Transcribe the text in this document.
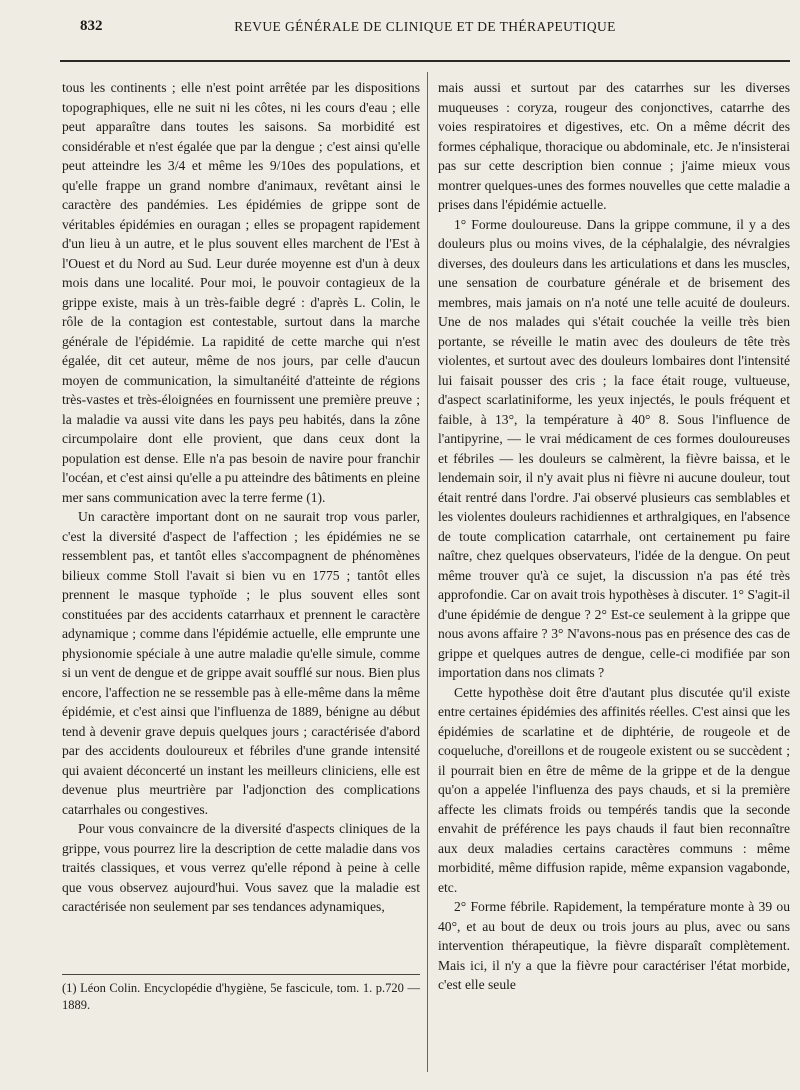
832	REVUE GÉNÉRALE DE CLINIQUE ET DE THÉRAPEUTIQUE

tous les continents ; elle n'est point arrêtée par les dispositions topographiques, elle ne suit ni les côtes, ni les cours d'eau ; elle peut apparaître dans toutes les saisons. Sa morbidité est considérable et n'est égalée que par la dengue ; c'est ainsi qu'elle peut atteindre les 3/4 et même les 9/10es des populations, et qu'elle frappe un grand nombre d'animaux, revêtant ainsi le caractère des pandémies. Les épidémies de grippe sont de véritables épidémies en ouragan ; elles se propagent rapidement d'un lieu à un autre, et le plus souvent elles marchent de l'Est à l'Ouest et du Nord au Sud. Leur durée moyenne est d'un à deux mois dans une localité. Pour moi, le pouvoir contagieux de la grippe existe, mais à un très-faible degré : d'après L. Colin, le rôle de la contagion est contestable, surtout dans la marche générale de l'épidémie. La rapidité de cette marche qui n'est égalée, dit cet auteur, même de nos jours, par celle d'aucun moyen de communication, la simultanéité d'atteinte de régions très-vastes et très-éloignées en fournissent une première preuve ; la maladie va aussi vite dans les pays peu habités, dans la zône circumpolaire dont elle provient, que dans ceux dont la population est dense. Elle n'a pas besoin de navire pour franchir l'océan, et c'est ainsi qu'elle a pu atteindre des bâtiments en pleine mer sans communication avec la terre ferme (1).

Un caractère important dont on ne saurait trop vous parler, c'est la diversité d'aspect de l'affection ; les épidémies ne se ressemblent pas, et tantôt elles s'accompagnent de phénomènes bilieux comme Stoll l'avait si bien vu en 1775 ; tantôt elles prennent le masque typhoïde ; le plus souvent elles sont constituées par des accidents catarrhaux et prennent le caractère adynamique ; comme dans l'épidémie actuelle, elle emprunte une physionomie spéciale à une autre maladie qu'elle simule, comme si un vent de dengue et de grippe avait soufflé sur nous. Bien plus encore, l'affection ne se ressemble pas à elle-même dans la même épidémie, et c'est ainsi que l'influenza de 1889, bénigne au début tend à devenir grave depuis quelques jours ; caractérisée d'abord par des accidents douloureux et fébriles d'une grande intensité qui avaient déconcerté un instant les meilleurs cliniciens, elle est devenue plus meurtrière par l'adjonction des complications catarrhales ou congestives.

Pour vous convaincre de la diversité d'aspects cliniques de la grippe, vous pourrez lire la description de cette maladie dans vos traités classiques, et vous verrez qu'elle répond à peine à celle que vous observez aujourd'hui. Vous savez que la maladie est caractérisée non seulement par ses tendances adynamiques,

mais aussi et surtout par des catarrhes sur les diverses muqueuses : coryza, rougeur des conjonctives, catarrhe des voies respiratoires et digestives, etc. On a même décrit des formes céphalique, thoracique ou abdominale, etc. Je n'insisterai pas sur cette description bien connue ; j'aime mieux vous montrer quelques-unes des formes nouvelles que cette maladie a prises dans l'épidémie actuelle.

1° Forme douloureuse. Dans la grippe commune, il y a des douleurs plus ou moins vives, de la céphalalgie, des névralgies diverses, des douleurs dans les articulations et dans les muscles, une sensation de courbature générale et de brisement des membres, mais jamais on n'a noté une telle acuité de douleurs. Une de nos malades qui s'était couchée la veille très bien portante, se réveille le matin avec des douleurs de tête très violentes, et surtout avec des douleurs lombaires dont l'intensité lui faisait pousser des cris ; la face était rouge, vultueuse, d'aspect scarlatiniforme, les yeux injectés, le pouls fréquent et faible, à 13°, la température à 40° 8. Sous l'influence de l'antipyrine, — le vrai médicament de ces formes douloureuses et fébriles — les douleurs se calmèrent, la fièvre baissa, et le lendemain soir, il n'y avait plus ni fièvre ni aucune douleur, tout était rentré dans l'ordre. J'ai observé plusieurs cas semblables et les violentes douleurs rachidiennes et arthralgiques, en l'absence de toute complication catarrhale, ont certainement pu faire naître, chez quelques observateurs, l'idée de la dengue. On peut même trouver qu'à ce sujet, la discussion n'a pas été très approfondie. Car on avait trois hypothèses à discuter. 1° S'agit-il d'une épidémie de dengue ? 2° Est-ce seulement à la grippe que nous avons affaire ? 3° N'avons-nous pas en présence des cas de grippe et quelques autres de dengue, celle-ci modifiée par son importation dans nos climats ?

Cette hypothèse doit être d'autant plus discutée qu'il existe entre certaines épidémies des affinités réelles. C'est ainsi que les épidémies de scarlatine et de diphtérie, de rougeole et de coqueluche, d'oreillons et de rougeole existent ou se succèdent ; il pourrait bien en être de même de la grippe et de la dengue qu'on a appelée l'influenza des pays chauds, et si la première affecte les climats froids ou tempérés tandis que la seconde envahit de préférence les pays chauds il faut bien reconnaître aux deux maladies certains caractères communs : même morbidité, même diffusion rapide, même expansion vagabonde, etc.

2° Forme fébrile. Rapidement, la température monte à 39 ou 40°, et au bout de deux ou trois jours au plus, avec ou sans intervention thérapeutique, la fièvre disparaît complètement. Mais ici, il n'y a que la fièvre pour caractériser l'état morbide, c'est elle seule

(1) Léon Colin. Encyclopédie d'hygiène, 5e fascicule, tom. 1. p.720 — 1889.
